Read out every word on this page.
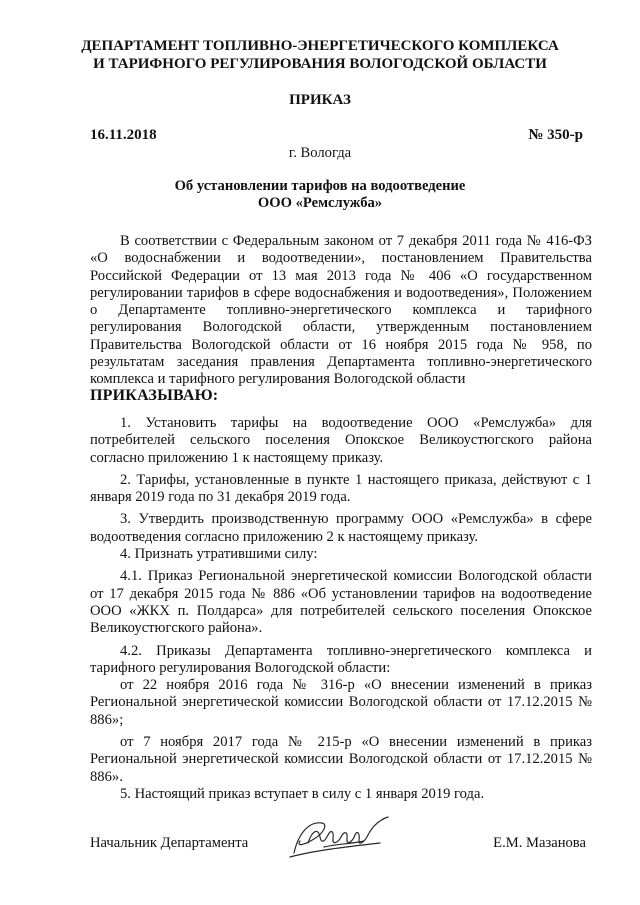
ДЕПАРТАМЕНТ ТОПЛИВНО-ЭНЕРГЕТИЧЕСКОГО КОМПЛЕКСА
И ТАРИФНОГО РЕГУЛИРОВАНИЯ ВОЛОГОДСКОЙ ОБЛАСТИ
ПРИКАЗ
16.11.2018	№ 350-р
г. Вологда
Об установлении тарифов на водоотведение
ООО «Ремслужба»

В соответствии с Федеральным законом от 7 декабря 2011 года № 416-ФЗ «О водоснабжении и водоотведении», постановлением Правительства Российской Федерации от 13 мая 2013 года № 406 «О государственном регулировании тарифов в сфере водоснабжения и водоотведения», Положением о Департаменте топливно-энергетического комплекса и тарифного регулирования Вологодской области, утвержденным постановлением Правительства Вологодской области от 16 ноября 2015 года № 958, по результатам заседания правления Департамента топливно-энергетического комплекса и тарифного регулирования Вологодской области

ПРИКАЗЫВАЮ:

1. Установить тарифы на водоотведение ООО «Ремслужба» для потребителей сельского поселения Опокское Великоустюгского района согласно приложению 1 к настоящему приказу.

2. Тарифы, установленные в пункте 1 настоящего приказа, действуют с 1 января 2019 года по 31 декабря 2019 года.

3. Утвердить производственную программу ООО «Ремслужба» в сфере водоотведения согласно приложению 2 к настоящему приказу.

4. Признать утратившими силу:

4.1. Приказ Региональной энергетической комиссии Вологодской области от 17 декабря 2015 года № 886 «Об установлении тарифов на водоотведение ООО «ЖКХ п. Полдарса» для потребителей сельского поселения Опокское Великоустюгского района».

4.2. Приказы Департамента топливно-энергетического комплекса и тарифного регулирования Вологодской области:

от 22 ноября 2016 года № 316-р «О внесении изменений в приказ Региональной энергетической комиссии Вологодской области от 17.12.2015 № 886»;

от 7 ноября 2017 года № 215-р «О внесении изменений в приказ Региональной энергетической комиссии Вологодской области от 17.12.2015 № 886».

5. Настоящий приказ вступает в силу с 1 января 2019 года.

Начальник Департамента	Е.М. Мазанова
